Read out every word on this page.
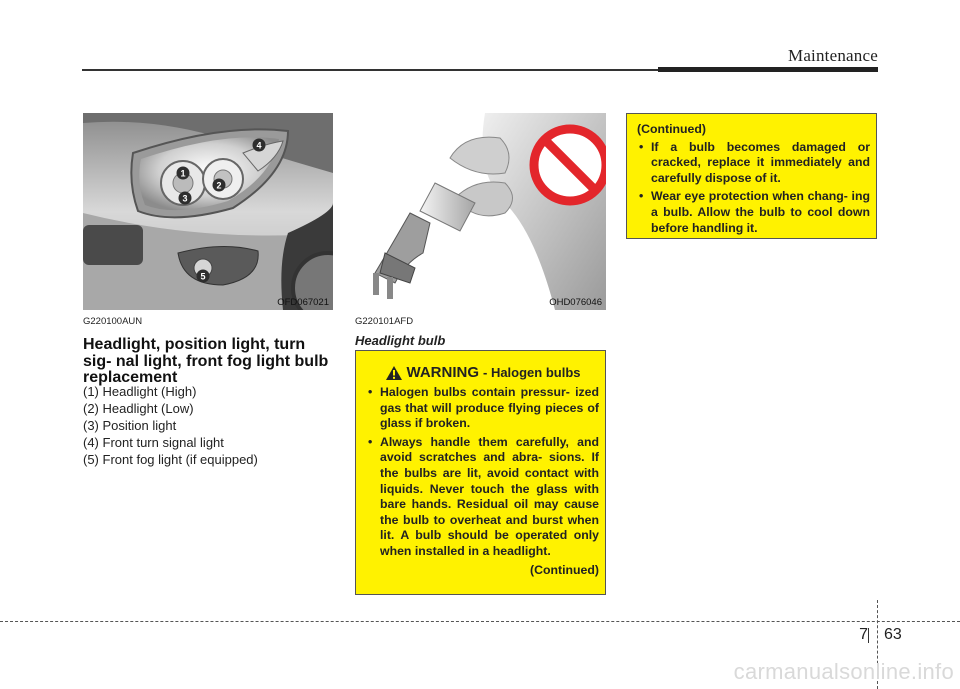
Maintenance
1
2
3
4
5
OFD067021	OHD076046
G220100AUN
Headlight, position light, turn sig- nal light, front fog light bulb replacement
(1) Headlight (High)
(2) Headlight (Low)
(3) Position light
(4) Front turn signal light
(5) Front fog light (if equipped)
G220101AFD
Headlight bulb
WARNING - Halogen bulbs
• Halogen bulbs contain pressur- ized gas that will produce flying pieces of glass if broken.
• Always handle them carefully, and avoid scratches and abra- sions. If the bulbs are lit, avoid contact with liquids. Never touch the glass with bare hands. Residual oil may cause the bulb to overheat and burst when lit. A bulb should be operated only when installed in a headlight.
(Continued)
(Continued)
• If a bulb becomes damaged or cracked, replace it immediately and carefully dispose of it.
• Wear eye protection when chang- ing a bulb. Allow the bulb to cool down before handling it.
7 63
carmanualsonline.info
